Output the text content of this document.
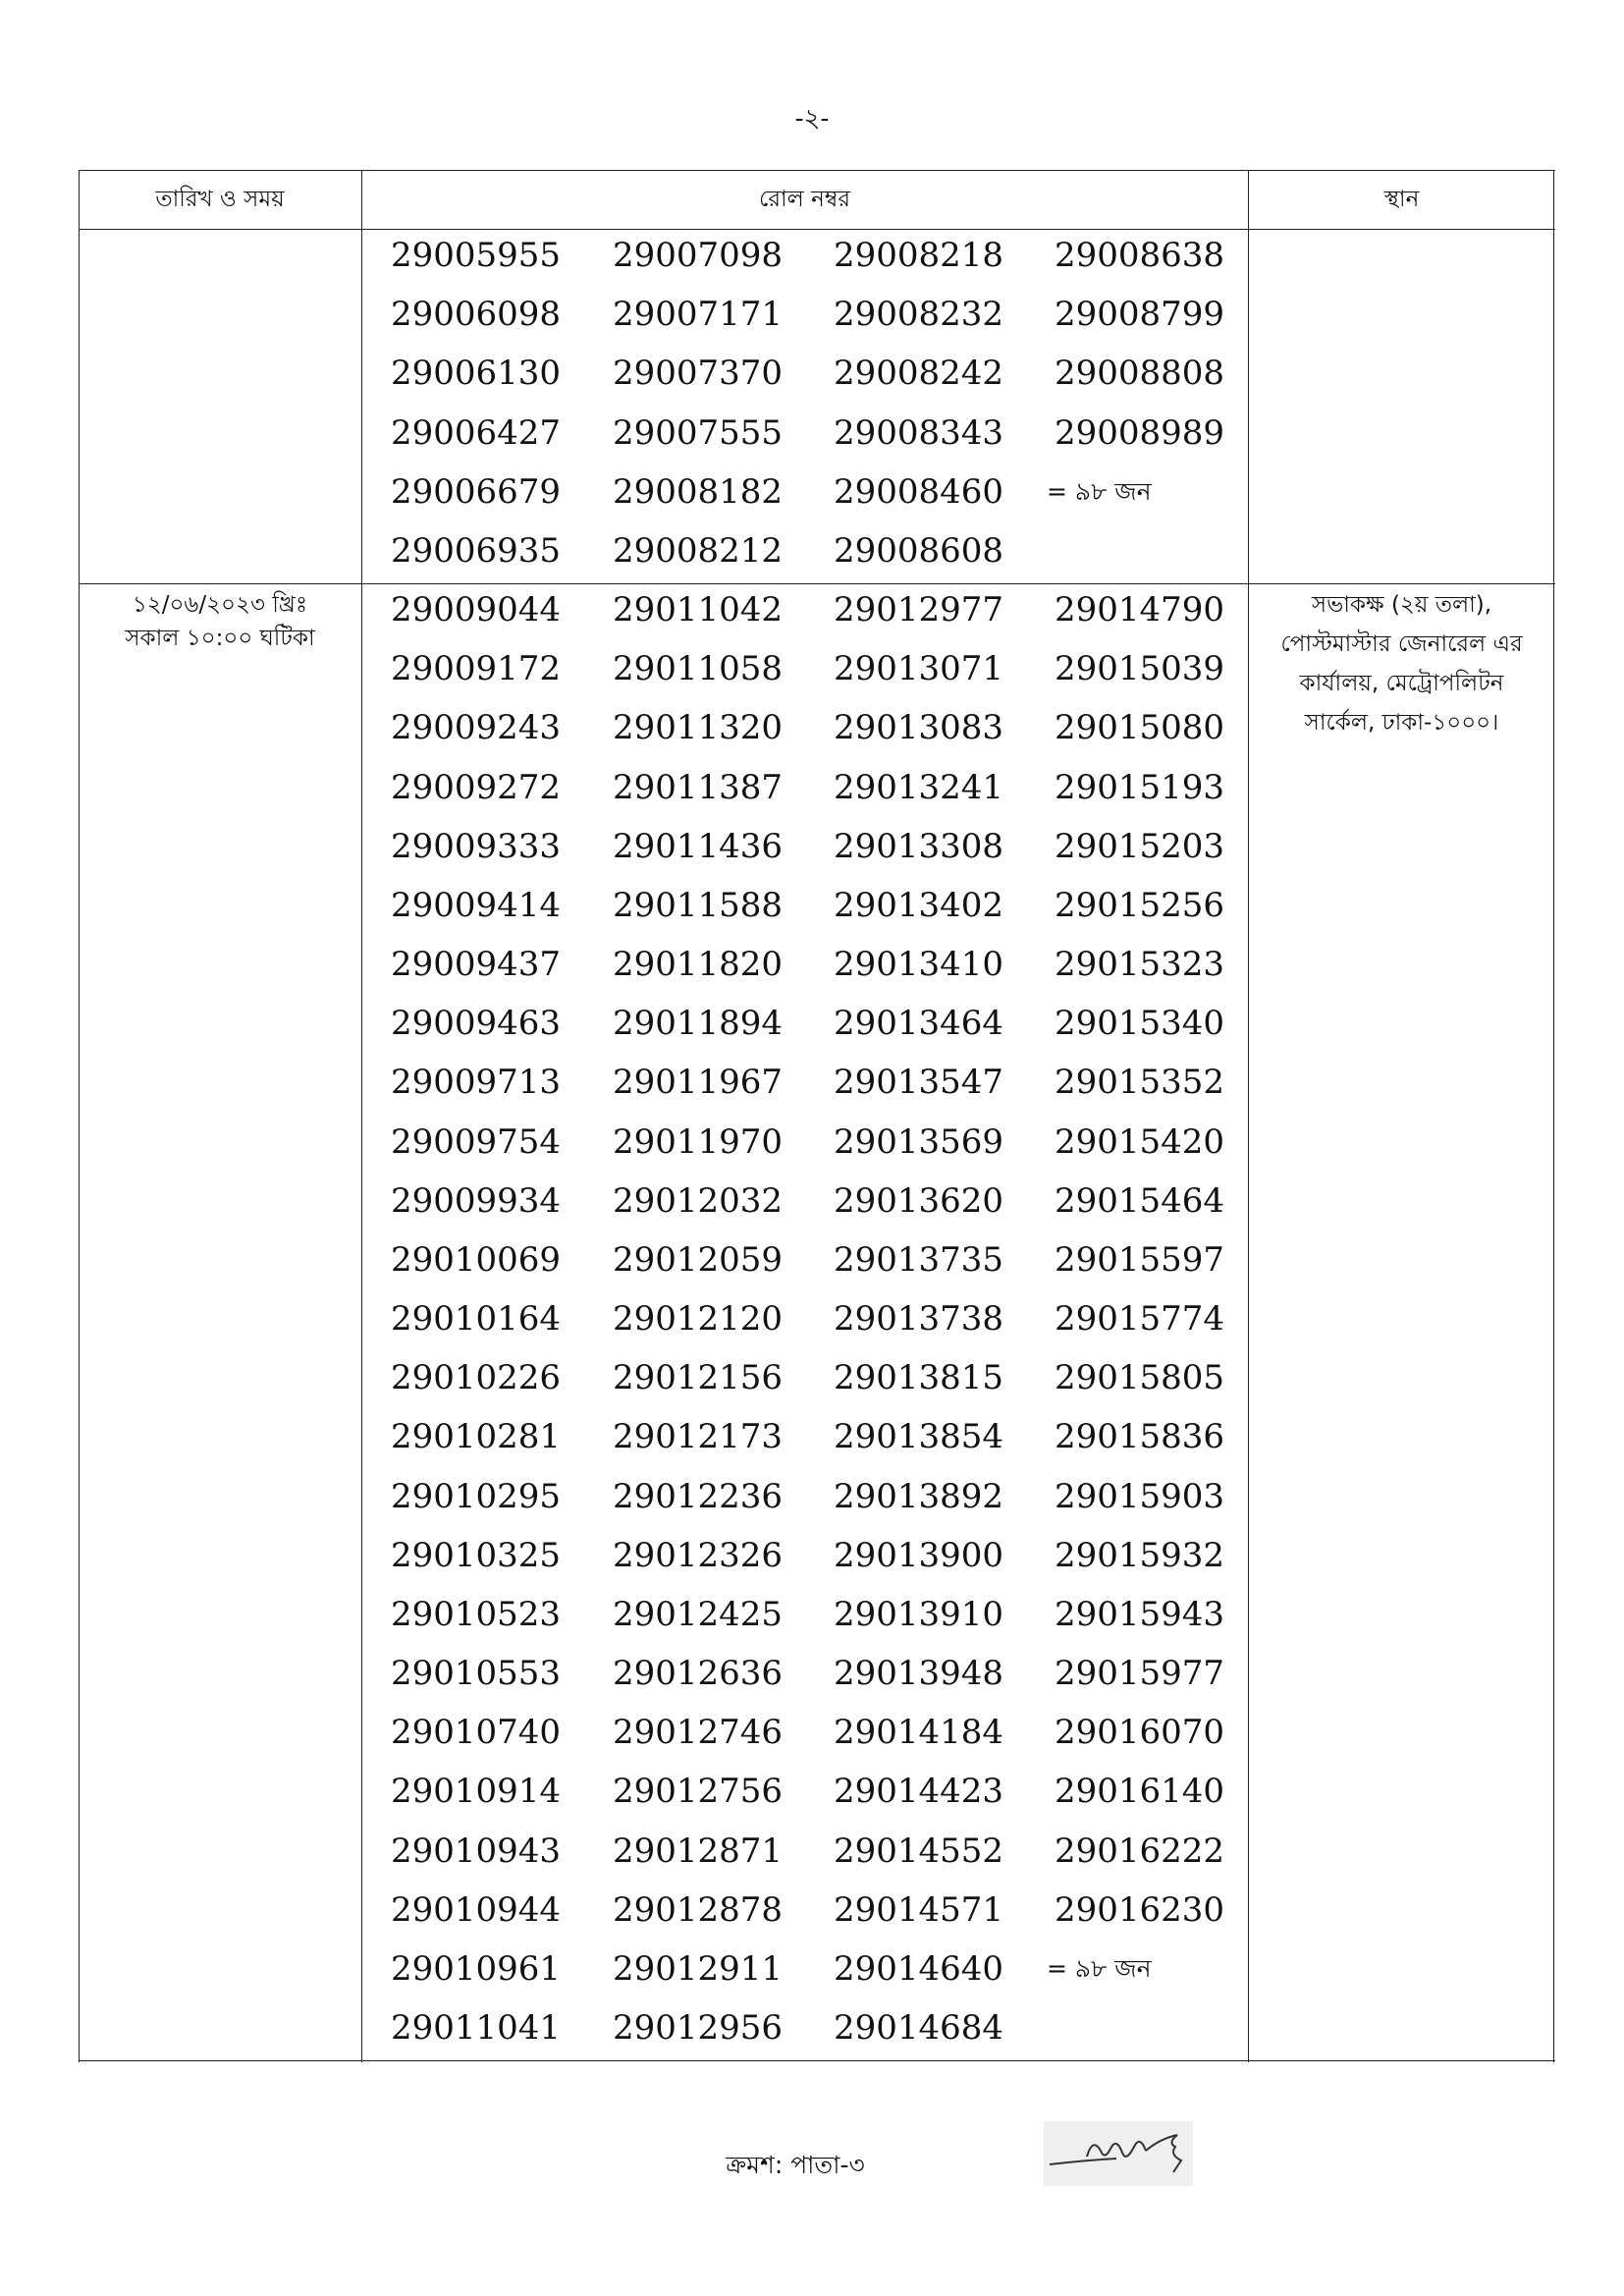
-২-
তারিখ ও সময়	রোল নম্বর	স্থান
১২/০৬/২০২৩ খ্রিঃ
সকাল ১০:০০ ঘটিকা
সভাকক্ষ (২য় তলা),
পোস্টমাস্টার জেনারেল এর
কার্যালয়, মেট্রোপলিটন
সার্কেল, ঢাকা-১০০০।
29005955 29007098 29008218 29008638
29006098 29007171 29008232 29008799
29006130 29007370 29008242 29008808
29006427 29007555 29008343 29008989
29006679 29008182 29008460 = ৯৮ জন
29006935 29008212 29008608
29009044 29011042 29012977 29014790
29009172 29011058 29013071 29015039
29009243 29011320 29013083 29015080
29009272 29011387 29013241 29015193
29009333 29011436 29013308 29015203
29009414 29011588 29013402 29015256
29009437 29011820 29013410 29015323
29009463 29011894 29013464 29015340
29009713 29011967 29013547 29015352
29009754 29011970 29013569 29015420
29009934 29012032 29013620 29015464
29010069 29012059 29013735 29015597
29010164 29012120 29013738 29015774
29010226 29012156 29013815 29015805
29010281 29012173 29013854 29015836
29010295 29012236 29013892 29015903
29010325 29012326 29013900 29015932
29010523 29012425 29013910 29015943
29010553 29012636 29013948 29015977
29010740 29012746 29014184 29016070
29010914 29012756 29014423 29016140
29010943 29012871 29014552 29016222
29010944 29012878 29014571 29016230
29010961 29012911 29014640 = ৯৮ জন
29011041 29012956 29014684
ক্রমশ: পাতা-৩
